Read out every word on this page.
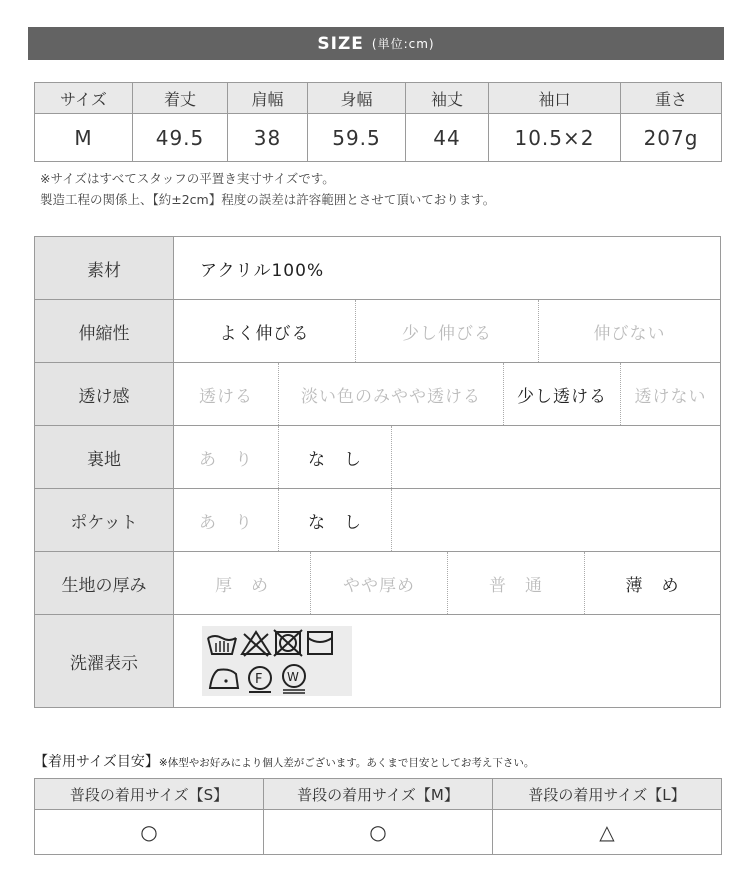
SIZE (単位:cm)
サイズ	着丈	肩幅	身幅	袖丈	袖口	重さ
M	49.5	38	59.5	44	10.5×2	207g
※サイズはすべてスタッフの平置き実寸サイズです。
製造工程の関係上、【約±2cm】程度の誤差は許容範囲とさせて頂いております。
素材	アクリル100%
伸縮性	よく伸びる	少し伸びる	伸びない
透け感	透ける	淡い色のみやや透ける	少し透ける	透けない
裏地	あ　り	な　し
ポケット	あ　り	な　し
生地の厚み	厚　め	やや厚め	普　通	薄　め
洗濯表示
F W
【着用サイズ目安】※体型やお好みにより個人差がございます。あくまで目安としてお考え下さい。
普段の着用サイズ【S】	普段の着用サイズ【M】	普段の着用サイズ【L】
○	○	△
